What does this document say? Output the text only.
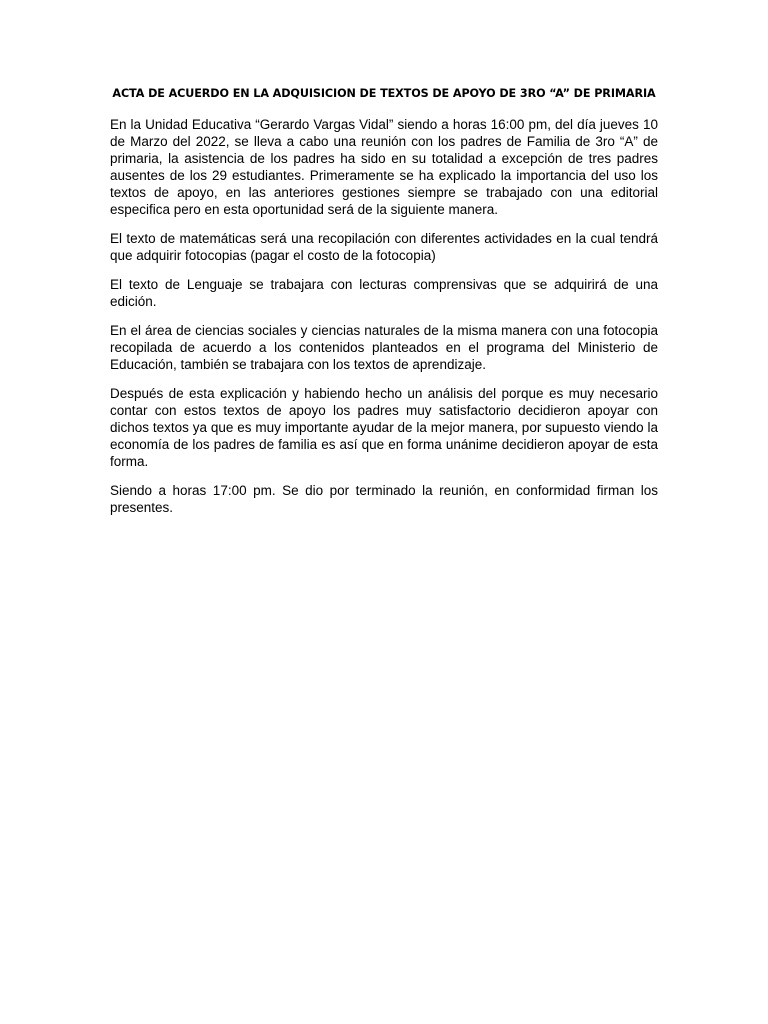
ACTA DE ACUERDO EN LA ADQUISICION DE TEXTOS DE APOYO DE 3RO “A” DE PRIMARIA

En la Unidad Educativa “Gerardo Vargas Vidal” siendo a horas 16:00 pm, del día jueves 10 de Marzo del 2022, se lleva a cabo una reunión con los padres de Familia de 3ro “A” de primaria, la asistencia de los padres ha sido en su totalidad a excepción de tres padres ausentes de los 29 estudiantes. Primeramente se ha explicado la importancia del uso los textos de apoyo, en las anteriores gestiones siempre se trabajado con una editorial especifica pero en esta oportunidad será de la siguiente manera.

El texto de matemáticas será una recopilación con diferentes actividades en la cual tendrá que adquirir fotocopias (pagar el costo de la fotocopia)

El texto de Lenguaje se trabajara con lecturas comprensivas que se adquirirá de una edición.

En el área de ciencias sociales y ciencias naturales de la misma manera con una fotocopia recopilada de acuerdo a los contenidos planteados en el programa del Ministerio de Educación, también se trabajara con los textos de aprendizaje.

Después de esta explicación y habiendo hecho un análisis del porque es muy necesario contar con estos textos de apoyo los padres muy satisfactorio decidieron apoyar con dichos textos ya que es muy importante ayudar de la mejor manera, por supuesto viendo la economía de los padres de familia es así que en forma unánime decidieron apoyar de esta forma.

Siendo a horas 17:00 pm. Se dio por terminado la reunión, en conformidad firman los presentes.
